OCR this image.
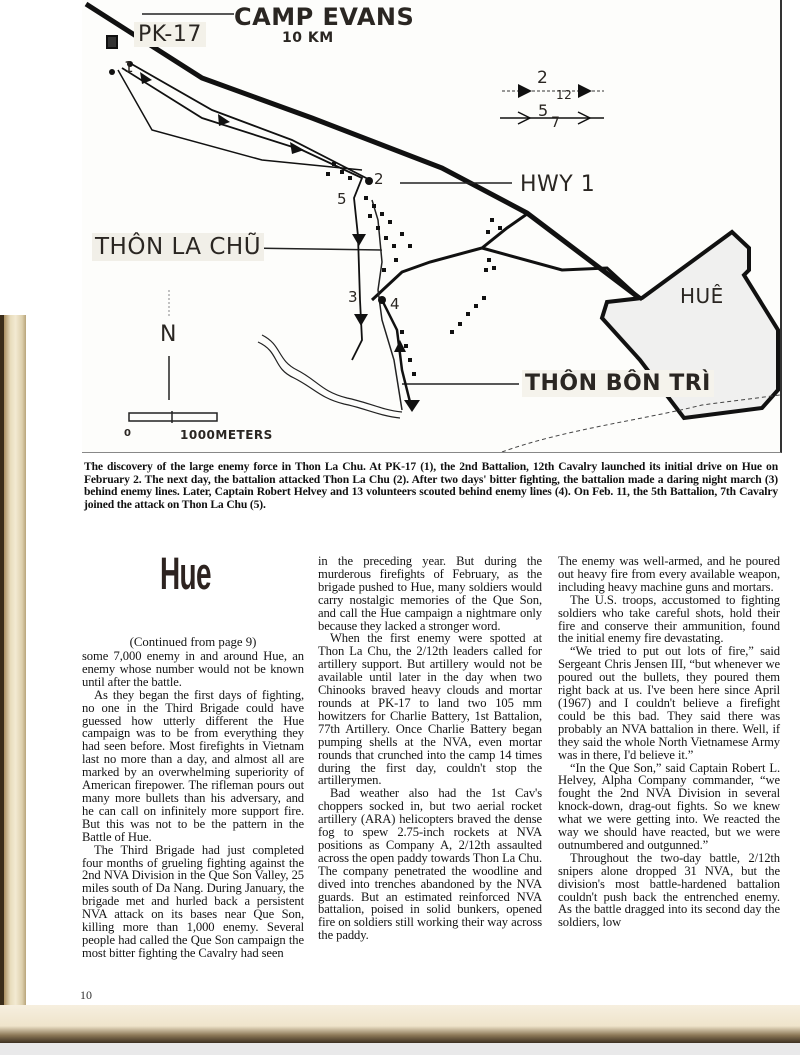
CAMP EVANS
10 KM
PK-17
HWY 1
THÔN LA CHŨ
N
HUÊ
THÔN BÔN TRÌ
0	1000METERS
1
2
3 4
5
2
12
5
7
The discovery of the large enemy force in Thon La Chu. At PK-17 (1), the 2nd Battalion, 12th Cavalry launched its initial drive on Hue on February 2. The next day, the battalion attacked Thon La Chu (2). After two days' bitter fighting, the battalion made a daring night march (3) behind enemy lines. Later, Captain Robert Helvey and 13 volunteers scouted behind enemy lines (4). On Feb. 11, the 5th Battalion, 7th Cavalry joined the attack on Thon La Chu (5).
Hue
(Continued from page 9)

some 7,000 enemy in and around Hue, an enemy whose number would not be known until after the battle.

As they began the first days of fighting, no one in the Third Brigade could have guessed how utterly different the Hue campaign was to be from everything they had seen before. Most firefights in Vietnam last no more than a day, and almost all are marked by an overwhelming superiority of American firepower. The rifleman pours out many more bullets than his adversary, and he can call on infinitely more support fire. But this was not to be the pattern in the Battle of Hue.

The Third Brigade had just completed four months of grueling fighting against the 2nd NVA Division in the Que Son Valley, 25 miles south of Da Nang. During January, the brigade met and hurled back a persistent NVA attack on its bases near Que Son, killing more than 1,000 enemy. Several people had called the Que Son campaign the most bitter fighting the Cavalry had seen

in the preceding year. But during the murderous firefights of February, as the brigade pushed to Hue, many soldiers would carry nostalgic memories of the Que Son, and call the Hue campaign a nightmare only because they lacked a stronger word.

When the first enemy were spotted at Thon La Chu, the 2/12th leaders called for artillery support. But artillery would not be available until later in the day when two Chinooks braved heavy clouds and mortar rounds at PK-17 to land two 105 mm howitzers for Charlie Battery, 1st Battalion, 77th Artillery. Once Charlie Battery began pumping shells at the NVA, even mortar rounds that crunched into the camp 14 times during the first day, couldn't stop the artillerymen.

Bad weather also had the 1st Cav's choppers socked in, but two aerial rocket artillery (ARA) helicopters braved the dense fog to spew 2.75-inch rockets at NVA positions as Company A, 2/12th assaulted across the open paddy towards Thon La Chu. The company penetrated the woodline and dived into trenches abandoned by the NVA guards. But an estimated reinforced NVA battalion, poised in solid bunkers, opened fire on soldiers still working their way across the paddy.

The enemy was well-armed, and he poured out heavy fire from every available weapon, including heavy machine guns and mortars.

The U.S. troops, accustomed to fighting soldiers who take careful shots, hold their fire and conserve their ammunition, found the initial enemy fire devastating.

“We tried to put out lots of fire,” said Sergeant Chris Jensen III, “but whenever we poured out the bullets, they poured them right back at us. I've been here since April (1967) and I couldn't believe a firefight could be this bad. They said there was probably an NVA battalion in there. Well, if they said the whole North Vietnamese Army was in there, I'd believe it.”

“In the Que Son,” said Captain Robert L. Helvey, Alpha Company commander, “we fought the 2nd NVA Division in several knock-down, drag-out fights. So we knew what we were getting into. We reacted the way we should have reacted, but we were outnumbered and outgunned.”

Throughout the two-day battle, 2/12th snipers alone dropped 31 NVA, but the division's most battle-hardened battalion couldn't push back the entrenched enemy. As the battle dragged into its second day the soldiers, low

10
